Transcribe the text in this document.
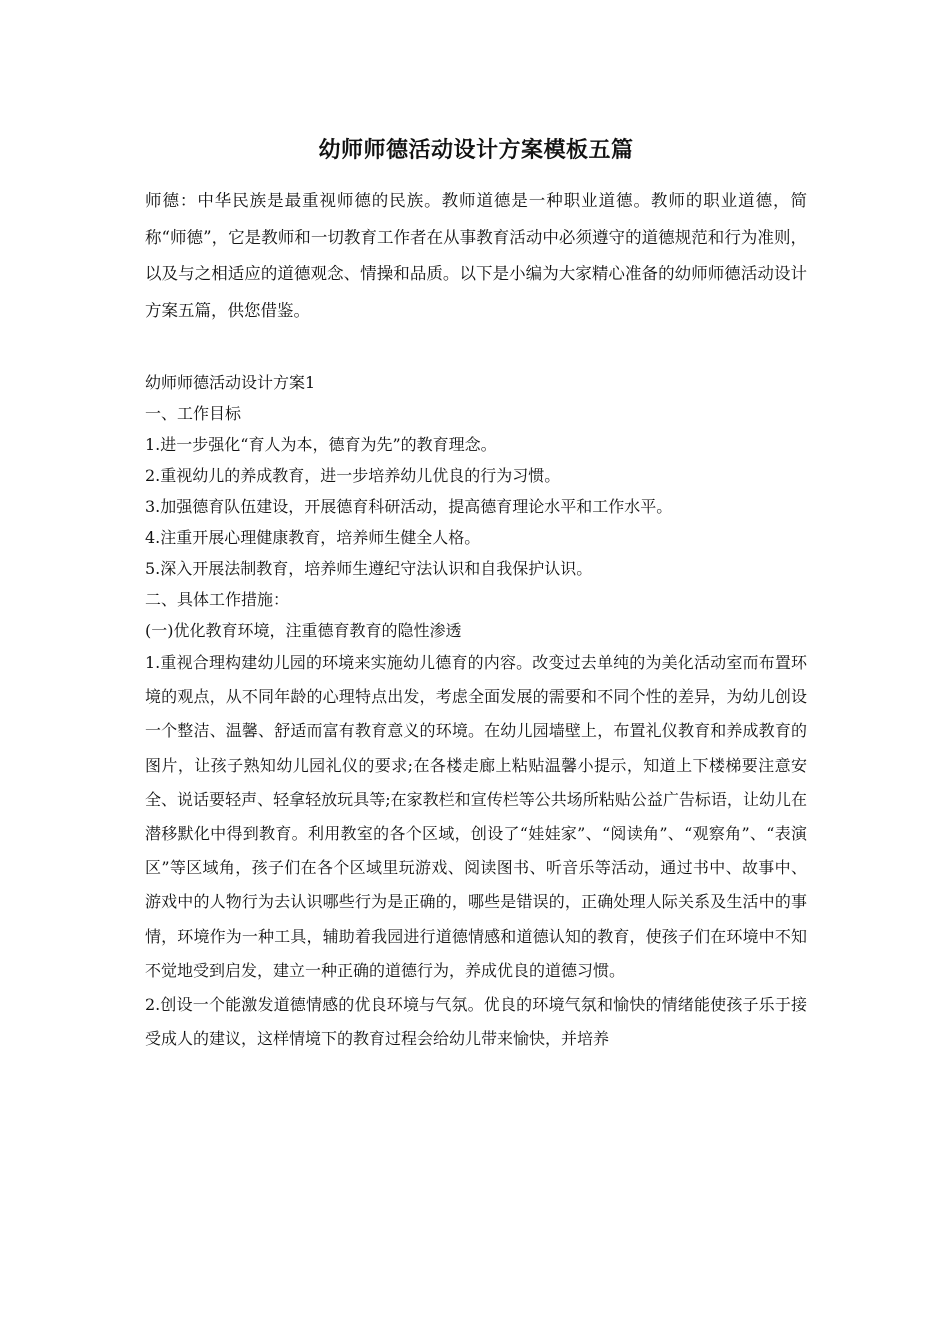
幼师师德活动设计方案模板五篇

师德：中华民族是最重视师德的民族。教师道德是一种职业道德。教师的职业道德，简称“师德”，它是教师和一切教育工作者在从事教育活动中必须遵守的道德规范和行为准则，以及与之相适应的道德观念、情操和品质。以下是小编为大家精心准备的幼师师德活动设计方案五篇，供您借鉴。

幼师师德活动设计方案1

一、工作目标

1.进一步强化“育人为本，德育为先”的教育理念。

2.重视幼儿的养成教育，进一步培养幼儿优良的行为习惯。

3.加强德育队伍建设，开展德育科研活动，提高德育理论水平和工作水平。

4.注重开展心理健康教育，培养师生健全人格。

5.深入开展法制教育，培养师生遵纪守法认识和自我保护认识。

二、具体工作措施：

(一)优化教育环境，注重德育教育的隐性渗透

1.重视合理构建幼儿园的环境来实施幼儿德育的内容。改变过去单纯的为美化活动室而布置环境的观点，从不同年龄的心理特点出发，考虑全面发展的需要和不同个性的差异，为幼儿创设一个整洁、温馨、舒适而富有教育意义的环境。在幼儿园墙壁上，布置礼仪教育和养成教育的图片，让孩子熟知幼儿园礼仪的要求;在各楼走廊上粘贴温馨小提示，知道上下楼梯要注意安全、说话要轻声、轻拿轻放玩具等;在家教栏和宣传栏等公共场所粘贴公益广告标语，让幼儿在潜移默化中得到教育。利用教室的各个区域，创设了“娃娃家”、“阅读角”、“观察角”、“表演区”等区域角，孩子们在各个区域里玩游戏、阅读图书、听音乐等活动，通过书中、故事中、游戏中的人物行为去认识哪些行为是正确的，哪些是错误的，正确处理人际关系及生活中的事情，环境作为一种工具，辅助着我园进行道德情感和道德认知的教育，使孩子们在环境中不知不觉地受到启发，建立一种正确的道德行为，养成优良的道德习惯。

2.创设一个能激发道德情感的优良环境与气氛。优良的环境气氛和愉快的情绪能使孩子乐于接受成人的建议，这样情境下的教育过程会给幼儿带来愉快，并培养
